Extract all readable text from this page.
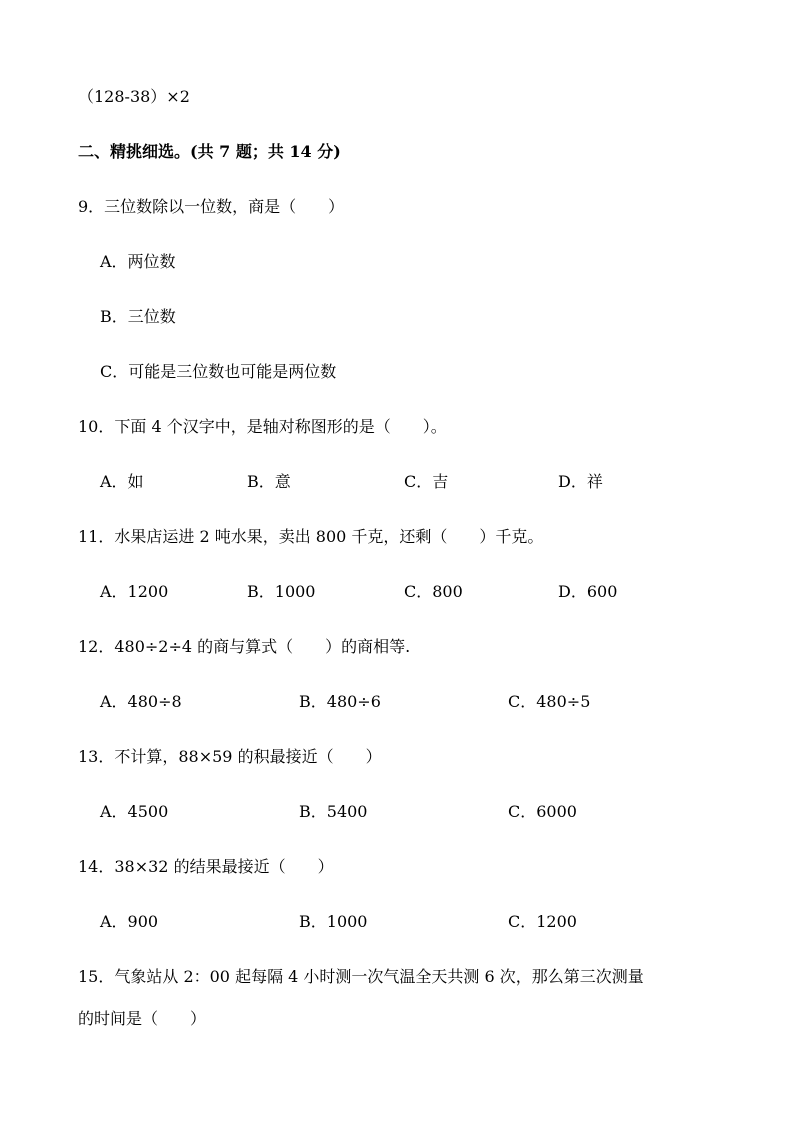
（128-38）×2
二、精挑细选。(共 7 题；共 14 分)
9．三位数除以一位数，商是（　　）
A．两位数
B．三位数
C．可能是三位数也可能是两位数
10．下面 4 个汉字中，是轴对称图形的是（　　）。
A．如	B．意	C．吉	D．祥
11．水果店运进 2 吨水果，卖出 800 千克，还剩（　　）千克。
A．1200	B．1000	C．800	D．600
12．480÷2÷4 的商与算式（　　）的商相等.
A．480÷8	B．480÷6	C．480÷5
13．不计算，88×59 的积最接近（　　）
A．4500	B．5400	C．6000
14．38×32 的结果最接近（　　）
A．900	B．1000	C．1200
15．气象站从 2：00 起每隔 4 小时测一次气温全天共测 6 次，那么第三次测量
的时间是（　　）
